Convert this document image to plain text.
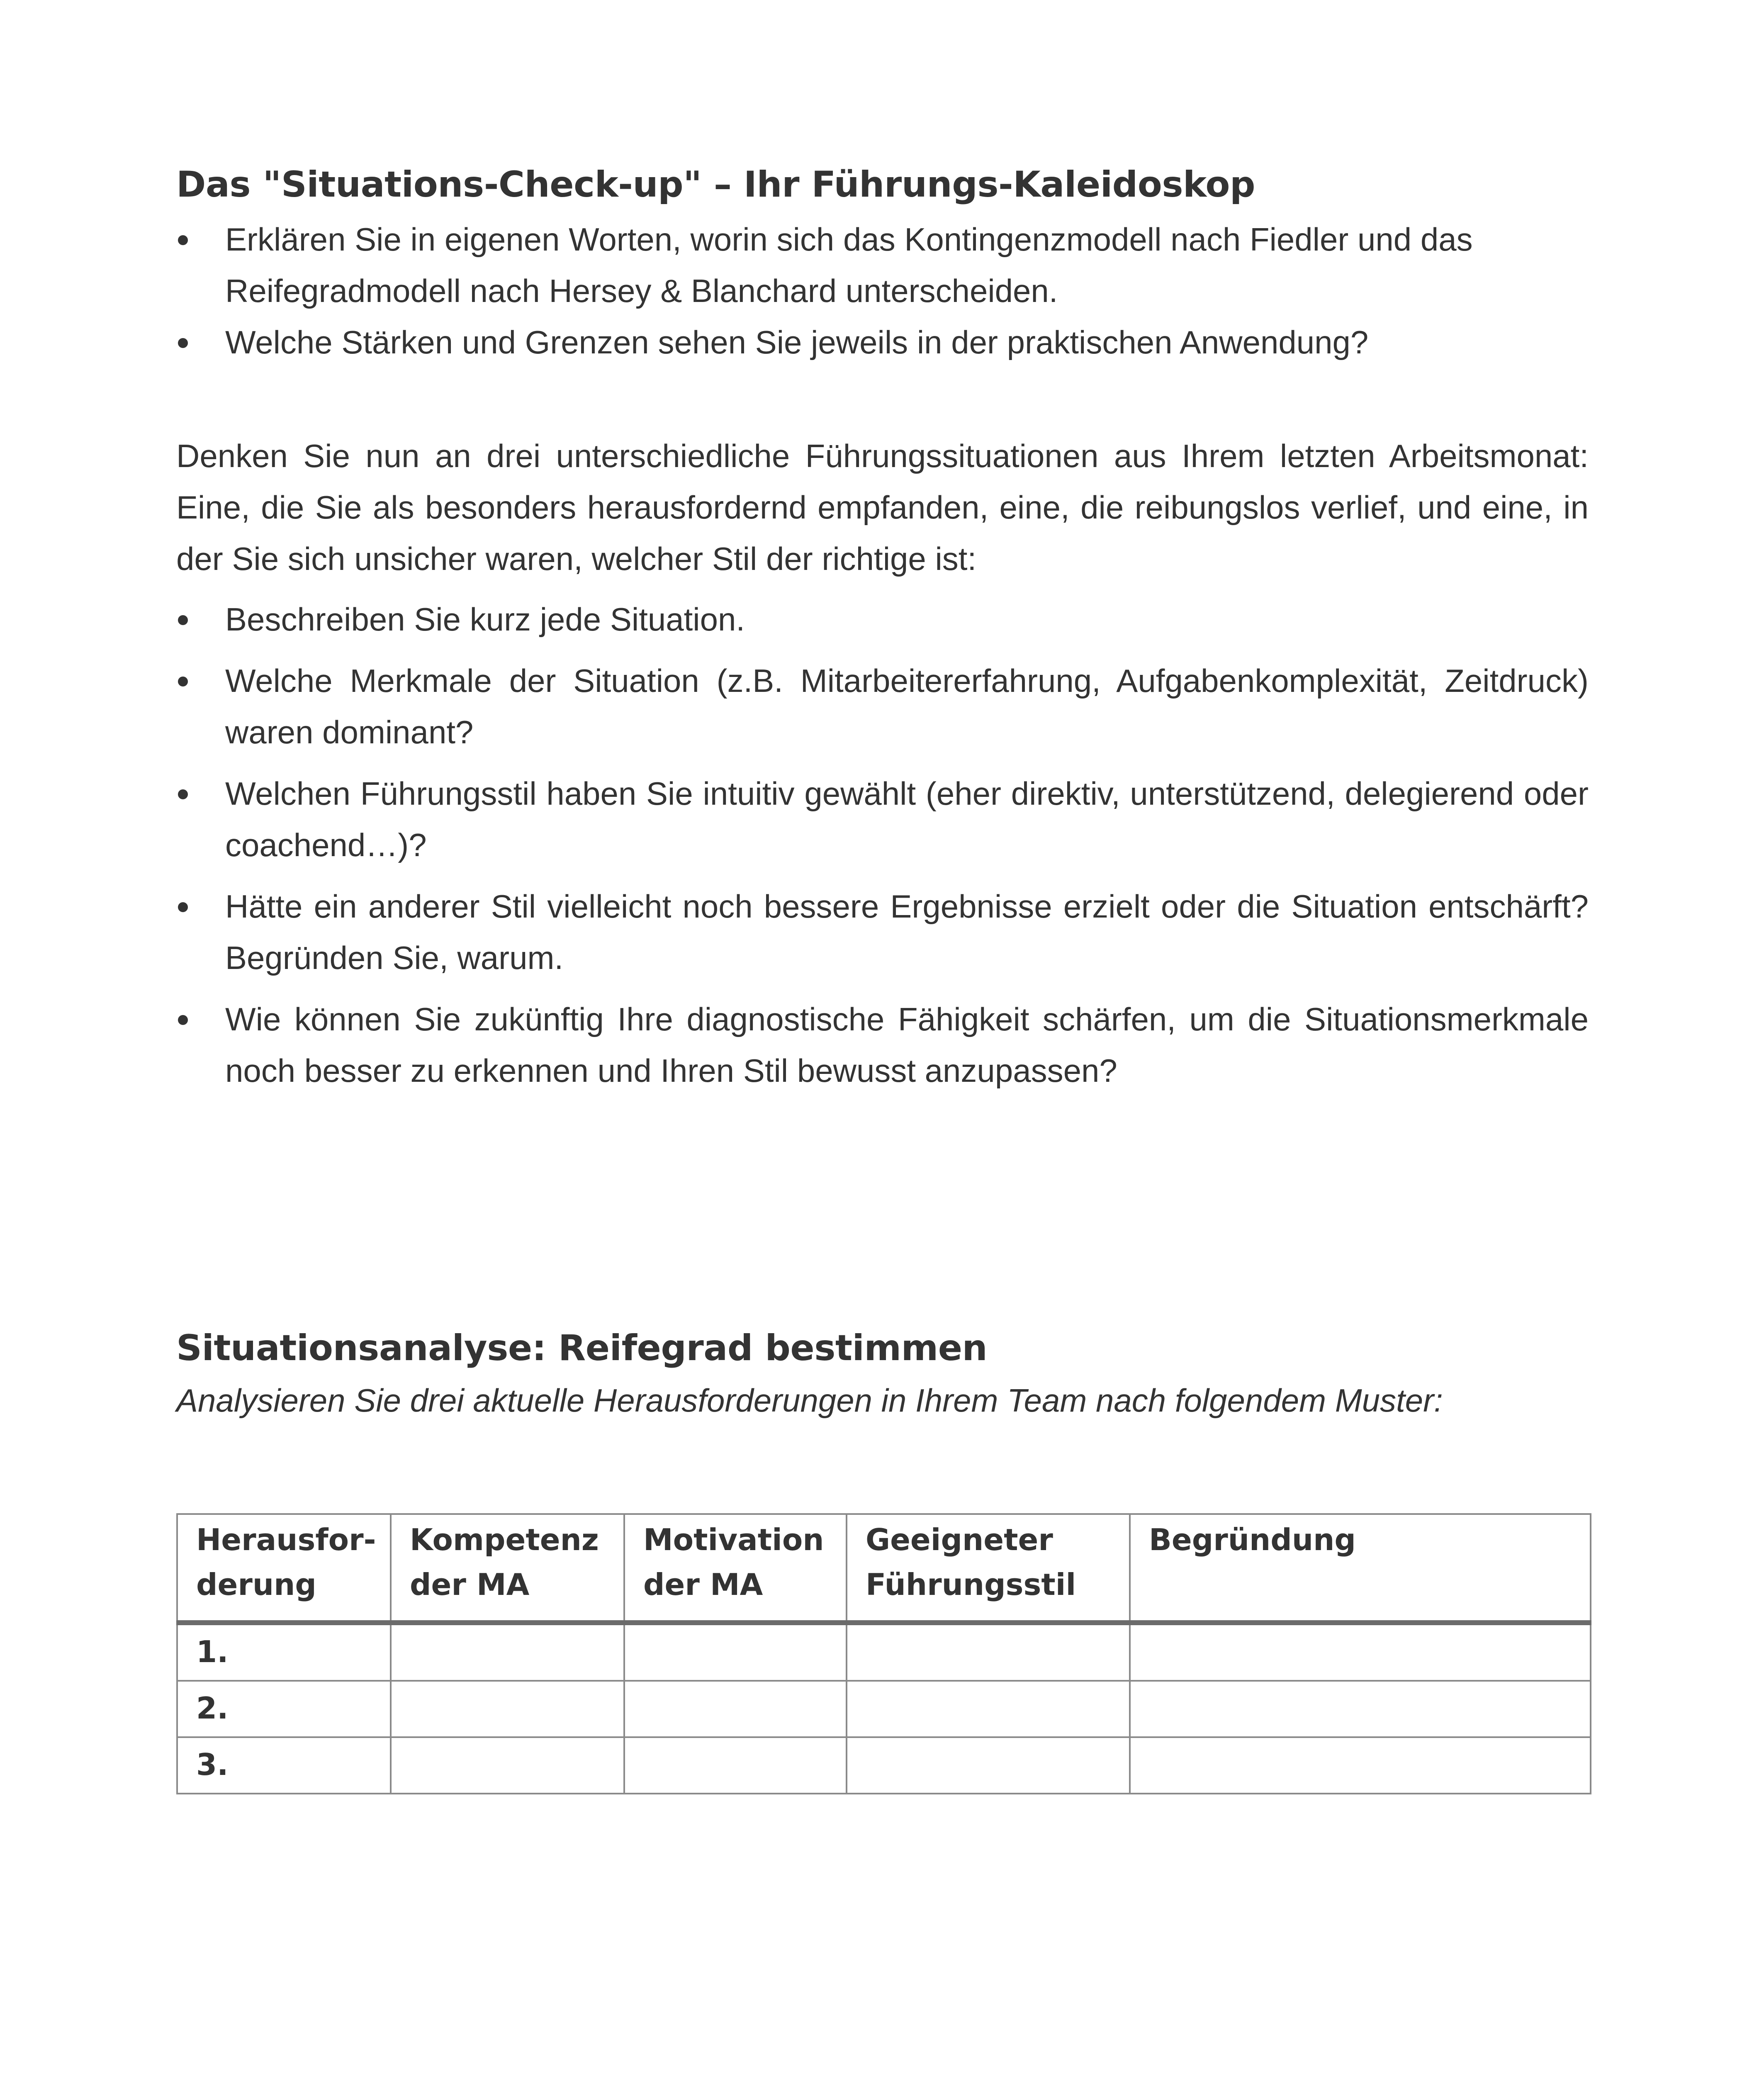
Das "Situations-Check-up" – Ihr Führungs-Kaleidoskop
Erklären Sie in eigenen Worten, worin sich das Kontingenzmodell nach Fiedler und das Reifegradmodell nach Hersey & Blanchard unterscheiden.
Welche Stärken und Grenzen sehen Sie jeweils in der praktischen Anwendung?

Denken Sie nun an drei unterschiedliche Führungssituationen aus Ihrem letzten Arbeitsmonat: Eine, die Sie als besonders herausfordernd empfanden, eine, die reibungslos verlief, und eine, in der Sie sich unsicher waren, welcher Stil der richtige ist:

Beschreiben Sie kurz jede Situation.
Welche Merkmale der Situation (z.B. Mitarbeitererfahrung, Aufgabenkomplexität, Zeitdruck) waren dominant?
Welchen Führungsstil haben Sie intuitiv gewählt (eher direktiv, unterstützend, delegierend oder coachend…)?
Hätte ein anderer Stil vielleicht noch bessere Ergebnisse erzielt oder die Situation entschärft? Begründen Sie, warum.
Wie können Sie zukünftig Ihre diagnostische Fähigkeit schärfen, um die Situationsmerkmale noch besser zu erkennen und Ihren Stil bewusst anzupassen?
Situationsanalyse: Reifegrad bestimmen
Analysieren Sie drei aktuelle Herausforderungen in Ihrem Team nach folgendem Muster:
Herausforderung	Kompetenz der MA	Motivation der MA	Geeigneter Führungsstil	Begründung
1.				
2.				
3.				
